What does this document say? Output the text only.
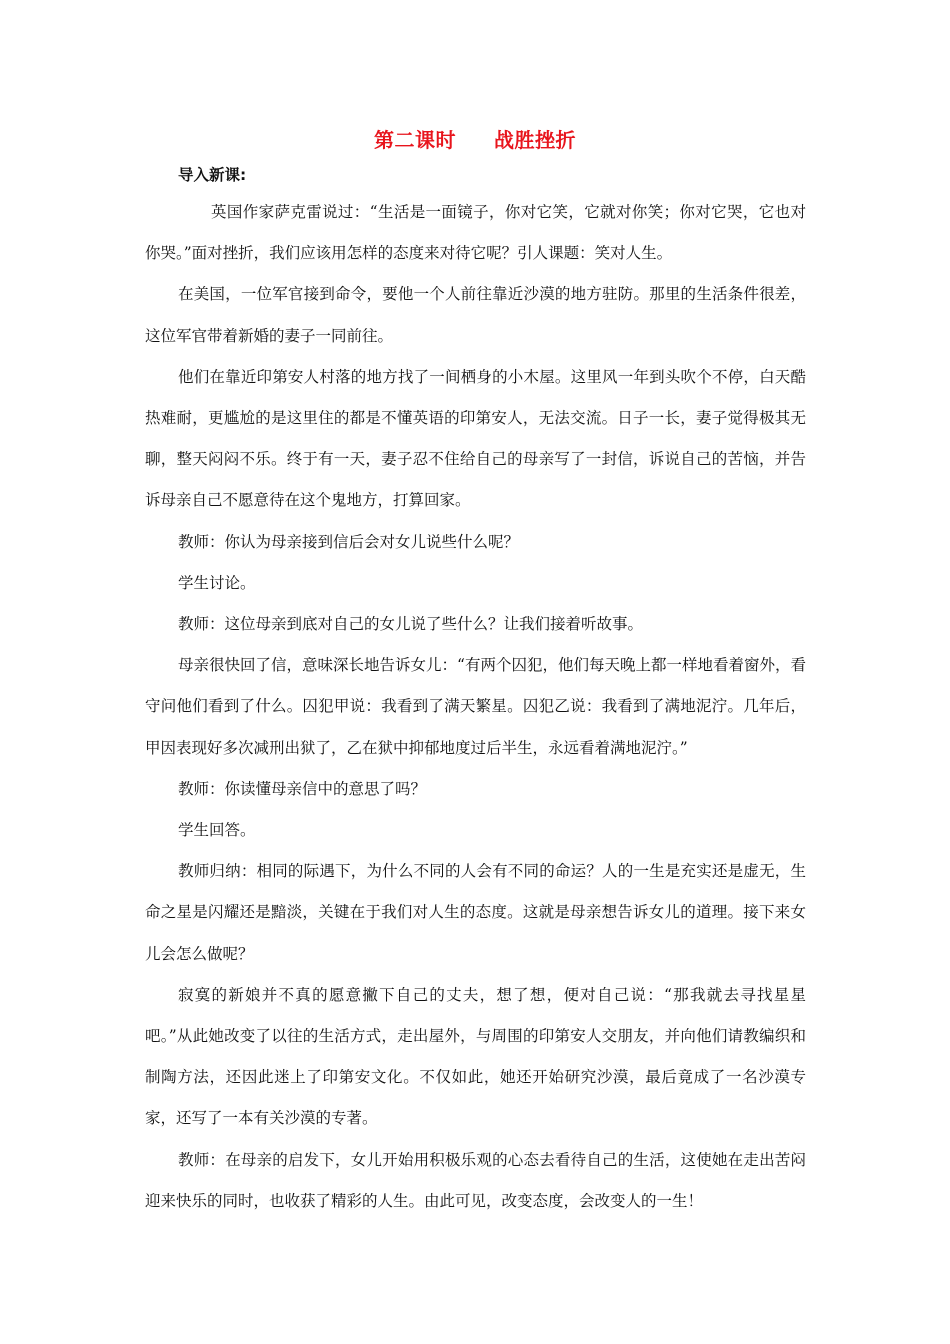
第二课时 战胜挫折
导入新课:

英国作家萨克雷说过：“生活是一面镜子，你对它笑，它就对你笑；你对它哭，它也对你哭。”面对挫折，我们应该用怎样的态度来对待它呢？引人课题：笑对人生。

在美国，一位军官接到命令，要他一个人前往靠近沙漠的地方驻防。那里的生活条件很差，这位军官带着新婚的妻子一同前往。

他们在靠近印第安人村落的地方找了一间栖身的小木屋。这里风一年到头吹个不停，白天酷热难耐，更尴尬的是这里住的都是不懂英语的印第安人，无法交流。日子一长，妻子觉得极其无聊，整天闷闷不乐。终于有一天，妻子忍不住给自己的母亲写了一封信，诉说自己的苦恼，并告诉母亲自己不愿意待在这个鬼地方，打算回家。

教师：你认为母亲接到信后会对女儿说些什么呢？

学生讨论。

教师：这位母亲到底对自己的女儿说了些什么？让我们接着听故事。

母亲很快回了信，意味深长地告诉女儿：“有两个囚犯，他们每天晚上都一样地看着窗外，看守问他们看到了什么。囚犯甲说：我看到了满天繁星。囚犯乙说：我看到了满地泥泞。几年后，甲因表现好多次减刑出狱了，乙在狱中抑郁地度过后半生，永远看着满地泥泞。”

教师：你读懂母亲信中的意思了吗？

学生回答。

教师归纳：相同的际遇下，为什么不同的人会有不同的命运？人的一生是充实还是虚无，生命之星是闪耀还是黯淡，关键在于我们对人生的态度。这就是母亲想告诉女儿的道理。接下来女儿会怎么做呢？

寂寞的新娘并不真的愿意撇下自己的丈夫，想了想，便对自己说：“那我就去寻找星星吧。”从此她改变了以往的生活方式，走出屋外，与周围的印第安人交朋友，并向他们请教编织和制陶方法，还因此迷上了印第安文化。不仅如此，她还开始研究沙漠，最后竟成了一名沙漠专家，还写了一本有关沙漠的专著。

教师：在母亲的启发下，女儿开始用积极乐观的心态去看待自己的生活，这使她在走出苦闷迎来快乐的同时，也收获了精彩的人生。由此可见，改变态度，会改变人的一生！
